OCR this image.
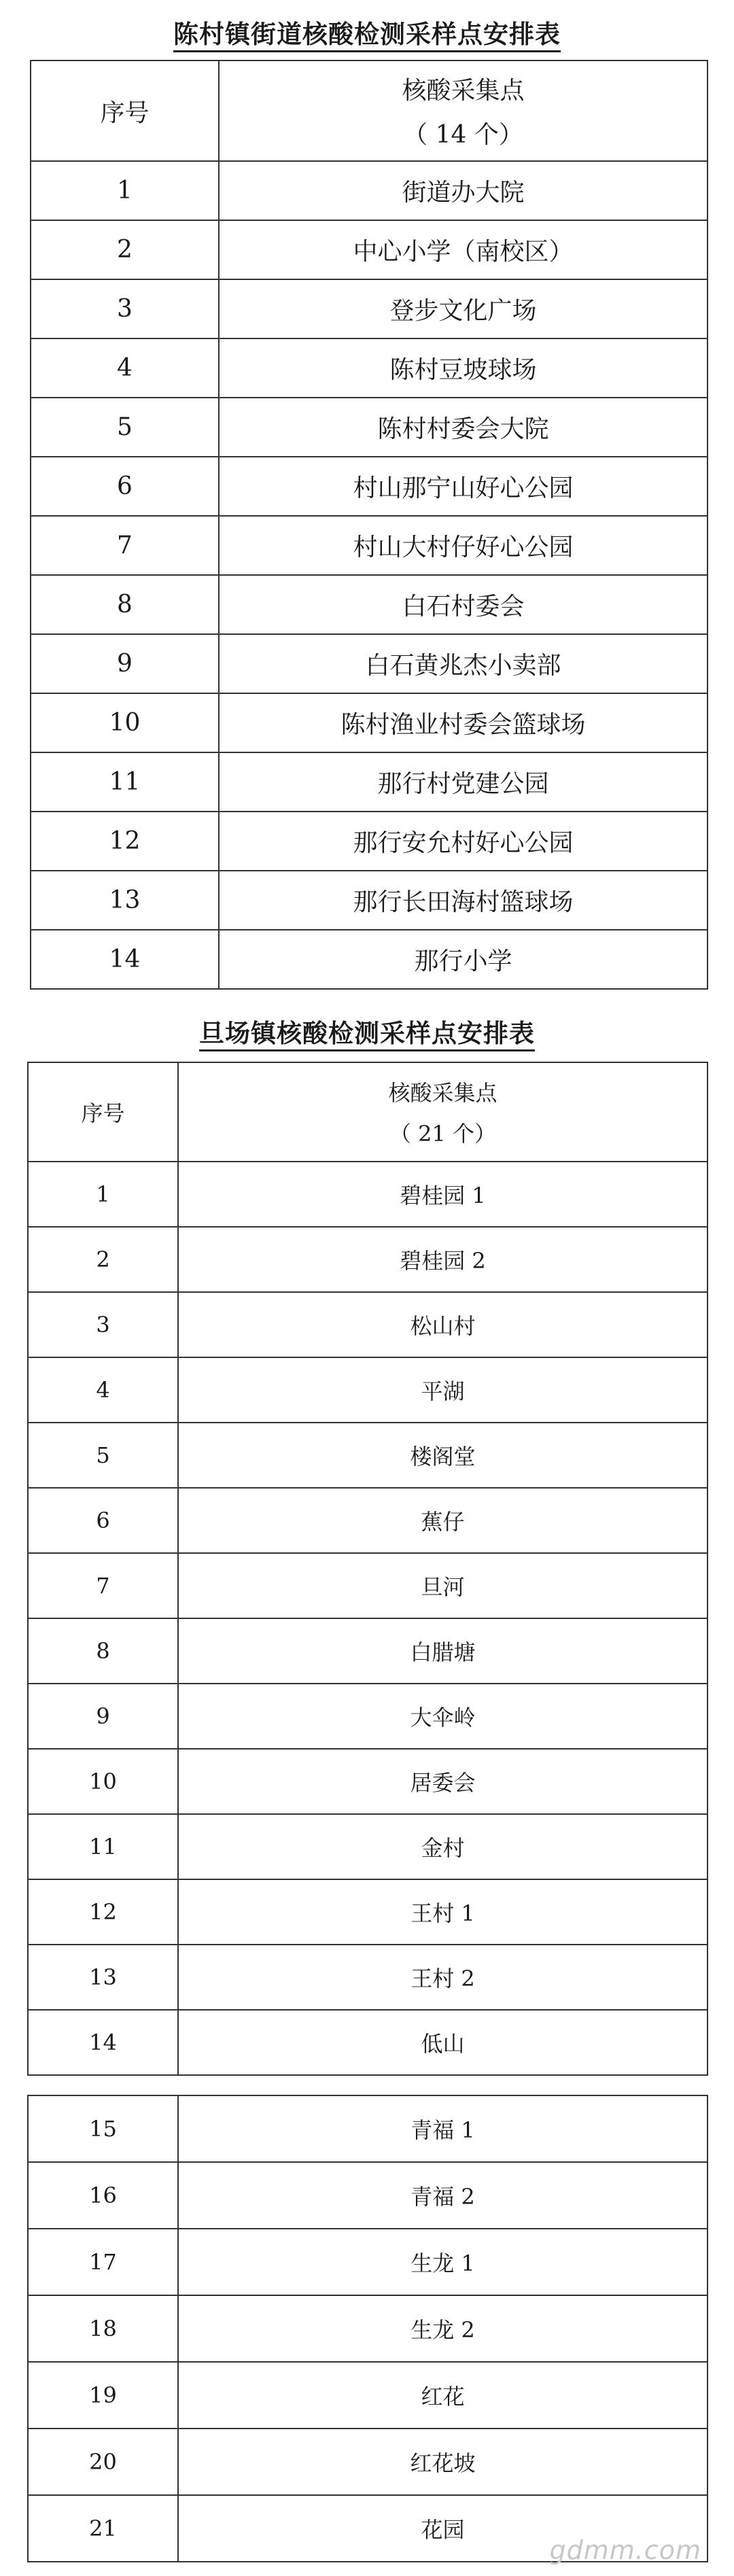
陈村镇街道核酸检测采样点安排表
序号	核酸采集点
（ 14 个）

1	街道办大院
2	中心小学（南校区）
3	登步文化广场
4	陈村豆坡球场
5	陈村村委会大院
6	村山那宁山好心公园
7	村山大村仔好心公园
8	白石村委会
9	白石黄兆杰小卖部
10	陈村渔业村委会篮球场
11	那行村党建公园
12	那行安允村好心公园
13	那行长田海村篮球场
14	那行小学
旦场镇核酸检测采样点安排表
序号	核酸采集点
（ 21 个）

1	碧桂园 1
2	碧桂园 2
3	松山村
4	平湖
5	楼阁堂
6	蕉仔
7	旦河
8	白腊塘
9	大伞岭
10	居委会
11	金村
12	王村 1
13	王村 2
14	低山
15	青福 1
16	青福 2
17	生龙 1
18	生龙 2
19	红花
20	红花坡
21	花园
gdmm.com
